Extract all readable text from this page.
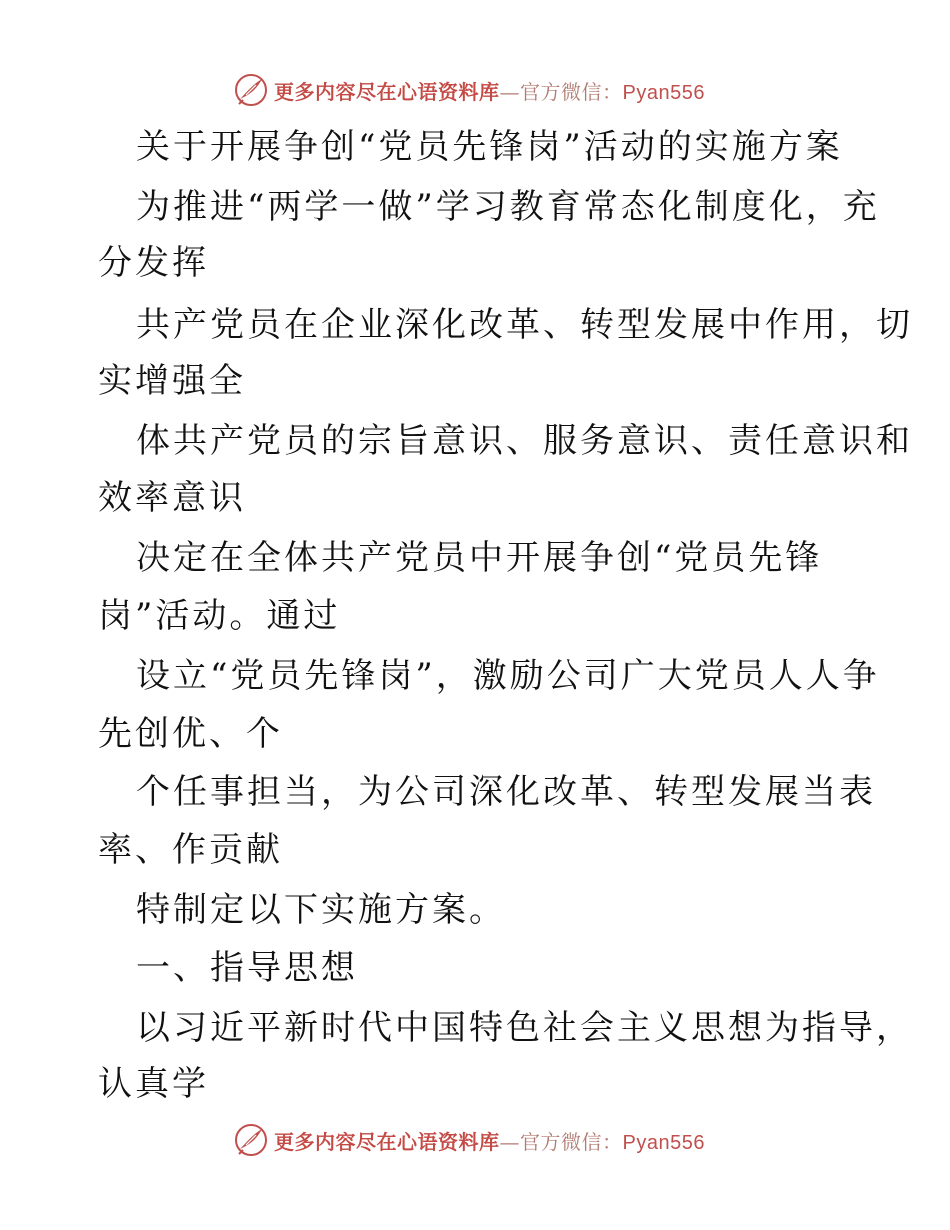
更多内容尽在心语资料库—官方微信：Pyan556
关于开展争创“党员先锋岗”活动的实施方案
为推进“两学一做”学习教育常态化制度化，充
分发挥
共产党员在企业深化改革、转型发展中作用，切
实增强全
体共产党员的宗旨意识、服务意识、责任意识和
效率意识
决定在全体共产党员中开展争创“党员先锋
岗”活动。通过
设立“党员先锋岗”，激励公司广大党员人人争
先创优、个
个任事担当，为公司深化改革、转型发展当表
率、作贡献
特制定以下实施方案。
一、指导思想
以习近平新时代中国特色社会主义思想为指导，
认真学
更多内容尽在心语资料库—官方微信：Pyan556
